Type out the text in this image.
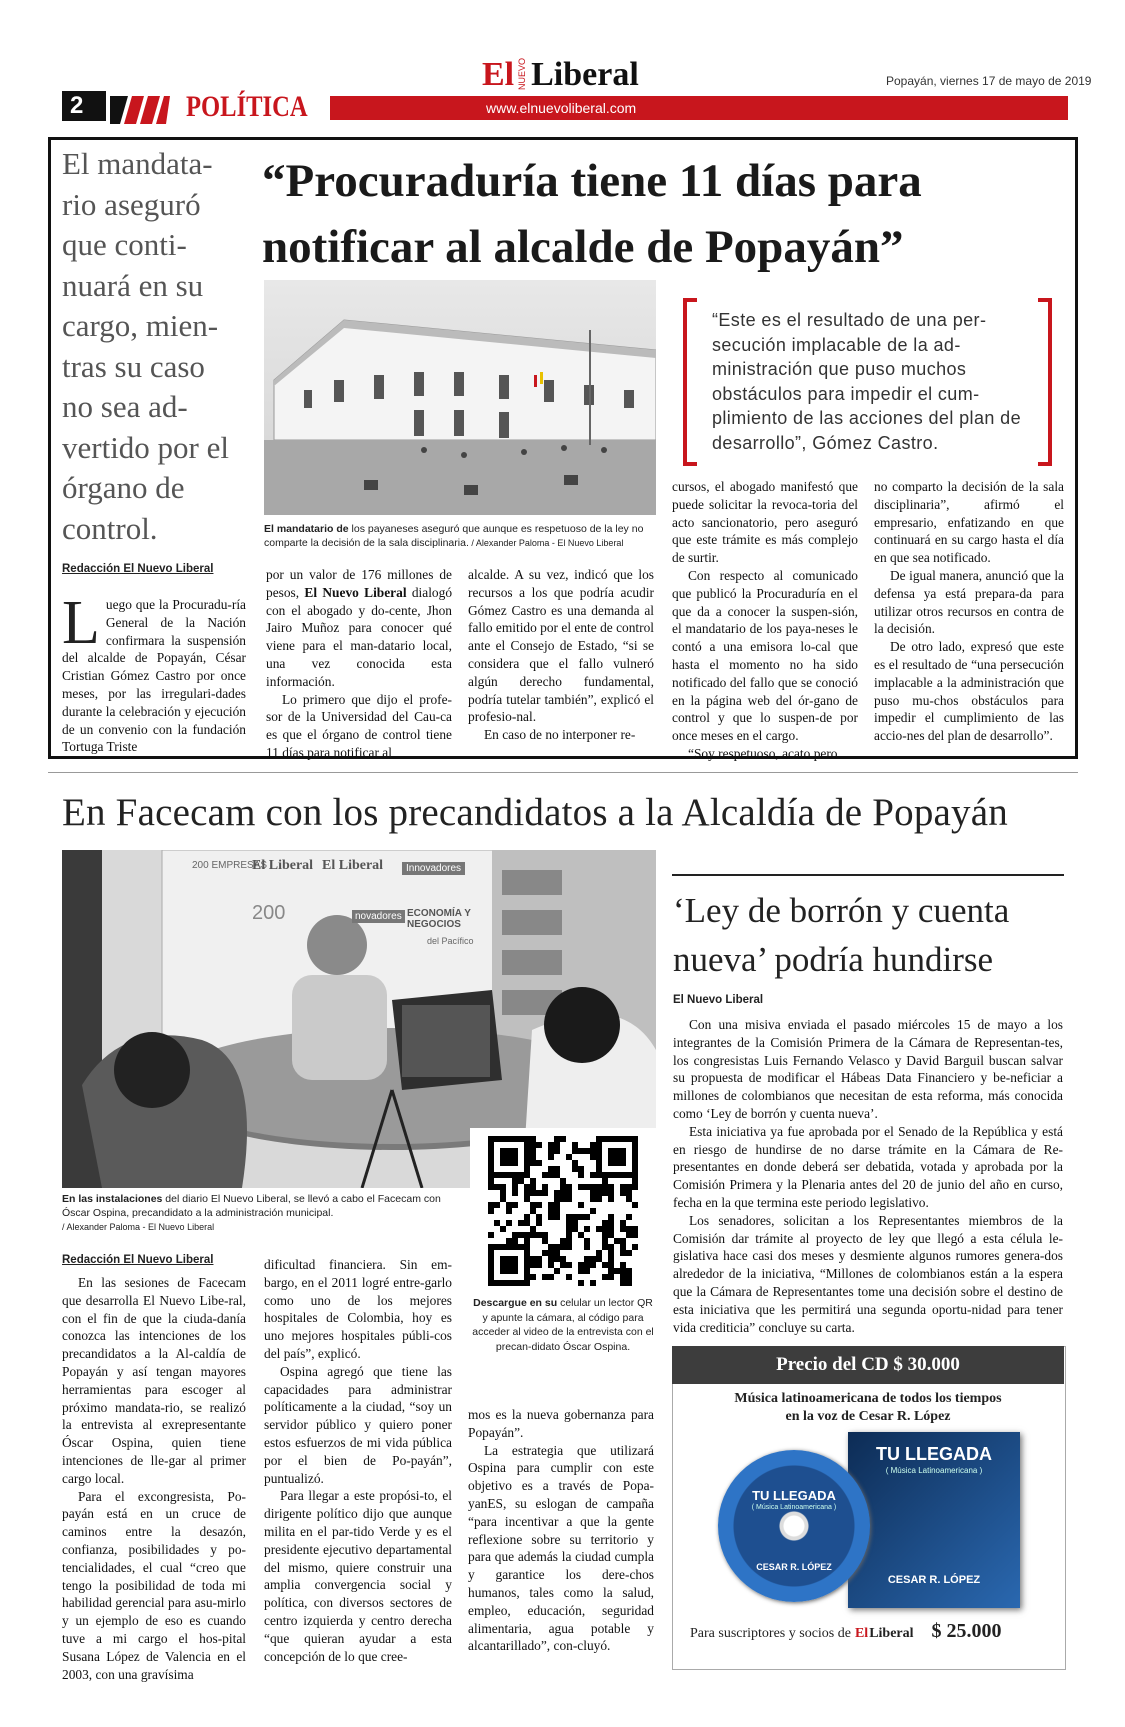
2	POLÍTICA	www.elnuevoliberal.com
El NUEVO Liberal	Popayán, viernes 17 de mayo de 2019
El mandata-rio aseguró que conti-nuará en su cargo, mien-tras su caso no sea ad-vertido por el órgano de control.
“Procuraduría tiene 11 días para notificar al alcalde de Popayán”
El mandatario de los payaneses aseguró que aunque es respetuoso de la ley no comparte la decisión de la sala disciplinaria. / Alexander Paloma - El Nuevo Liberal
“Este es el resultado de una per-secución implacable de la ad-ministración que puso muchos obstáculos para impedir el cum-plimiento de las acciones del plan de desarrollo”, Gómez Castro.
Redacción El Nuevo Liberal
Luego que la Procuradu-ría General de la Nación confirmara la suspensión del alcalde de Popayán, César Cristian Gómez Castro por once meses, por las irregulari-dades durante la celebración y ejecución de un convenio con la fundación Tortuga Triste

por un valor de 176 millones de pesos, El Nuevo Liberal dialogó con el abogado y do-cente, Jhon Jairo Muñoz para conocer qué viene para el man-datario local, una vez conocida esta información.

Lo primero que dijo el profe-sor de la Universidad del Cau-ca es que el órgano de control tiene 11 días para notificar al

alcalde. A su vez, indicó que los recursos a los que podría acudir Gómez Castro es una demanda al fallo emitido por el ente de control ante el Consejo de Estado, “si se considera que el fallo vulneró algún derecho fundamental, podría tutelar también”, explicó el profesio-nal.

En caso de no interponer re-

cursos, el abogado manifestó que puede solicitar la revoca-toria del acto sancionatorio, pero aseguró que este trámite es más complejo de surtir.

Con respecto al comunicado que publicó la Procuraduría en el que da a conocer la suspen-sión, el mandatario de los paya-neses le contó a una emisora lo-cal que hasta el momento no ha sido notificado del fallo que se conoció en la página web del ór-gano de control y que lo suspen-de por once meses en el cargo.

“Soy respetuoso, acato pero

no comparto la decisión de la sala disciplinaria”, afirmó el empresario, enfatizando en que continuará en su cargo hasta el día en que sea notificado.

De igual manera, anunció que la defensa ya está prepara-da para utilizar otros recursos en contra de la decisión.

De otro lado, expresó que este es el resultado de “una persecución implacable a la administración que puso mu-chos obstáculos para impedir el cumplimiento de las accio-nes del plan de desarrollo”.

En Facecam con los precandidatos a la Alcaldía de Popayán
200 EMPRESAS
El Liberal El Liberal	Innovadores
200	ECONOMÍA Y NEGOCIOS
del Pacífico
novadores
En las instalaciones del diario El Nuevo Liberal, se llevó a cabo el Facecam con Óscar Ospina, precandidato a la administración municipal.
/ Alexander Paloma - El Nuevo Liberal
Descargue en su celular un lector QR y apunte la cámara, al código para acceder al video de la entrevista con el precan-didato Óscar Ospina.
Redacción El Nuevo Liberal

En las sesiones de Facecam que desarrolla El Nuevo Libe-ral, con el fin de que la ciuda-danía conozca las intenciones de los precandidatos a la Al-caldía de Popayán y así tengan mayores herramientas para escoger al próximo mandata-rio, se realizó la entrevista al exrepresentante Óscar Ospina, quien tiene intenciones de lle-gar al primer cargo local.

Para el excongresista, Po-payán está en un cruce de caminos entre la desazón, confianza, posibilidades y po-tencialidades, el cual “creo que tengo la posibilidad de toda mi habilidad gerencial para asu-mirlo y un ejemplo de eso es cuando tuve a mi cargo el hos-pital Susana López de Valencia en el 2003, con una gravísima

dificultad financiera. Sin em-bargo, en el 2011 logré entre-garlo como uno de los mejores hospitales de Colombia, hoy es uno mejores hospitales públi-cos del país”, explicó.

Ospina agregó que tiene las capacidades para administrar políticamente a la ciudad, “soy un servidor público y quiero poner estos esfuerzos de mi vida pública por el bien de Po-payán”, puntualizó.

Para llegar a este propósi-to, el dirigente político dijo que aunque milita en el par-tido Verde y es el presidente ejecutivo departamental del mismo, quiere construir una amplia convergencia social y política, con diversos sectores de centro izquierda y centro derecha “que quieran ayudar a esta concepción de lo que cree-

mos es la nueva gobernanza para Popayán”.

La estrategia que utilizará Ospina para cumplir con este objetivo es a través de Popa-yanES, su eslogan de campaña “para incentivar a que la gente reflexione sobre su territorio y para que además la ciudad cumpla y garantice los dere-chos humanos, tales como la salud, empleo, educación, seguridad alimentaria, agua potable y alcantarillado”, con-cluyó.

‘Ley de borrón y cuenta nueva’ podría hundirse
El Nuevo Liberal

Con una misiva enviada el pasado miércoles 15 de mayo a los integrantes de la Comisión Primera de la Cámara de Representan-tes, los congresistas Luis Fernando Velasco y David Barguil buscan salvar su propuesta de modificar el Hábeas Data Financiero y be-neficiar a millones de colombianos que necesitan de esta reforma, más conocida como ‘Ley de borrón y cuenta nueva’.

Esta iniciativa ya fue aprobada por el Senado de la República y está en riesgo de hundirse de no darse trámite en la Cámara de Re-presentantes en donde deberá ser debatida, votada y aprobada por la Comisión Primera y la Plenaria antes del 20 de junio del año en curso, fecha en la que termina este periodo legislativo.

Los senadores, solicitan a los Representantes miembros de la Comisión dar trámite al proyecto de ley que llegó a esta célula le-gislativa hace casi dos meses y desmiente algunos rumores genera-dos alrededor de la iniciativa, “Millones de colombianos están a la espera que la Cámara de Representantes tome una decisión sobre el destino de esta iniciativa que les permitirá una segunda oportu-nidad para tener vida crediticia” concluye su carta.

Precio del CD $ 30.000
Música latinoamericana de todos los tiempos
en la voz de Cesar R. López
TU LLEGADA
( Música Latinoamericana )
CESAR R. LÓPEZ
TU LLEGADA
( Música Latinoamericana )
CESAR R. LÓPEZ
Para suscriptores y socios de El Liberal $ 25.000
